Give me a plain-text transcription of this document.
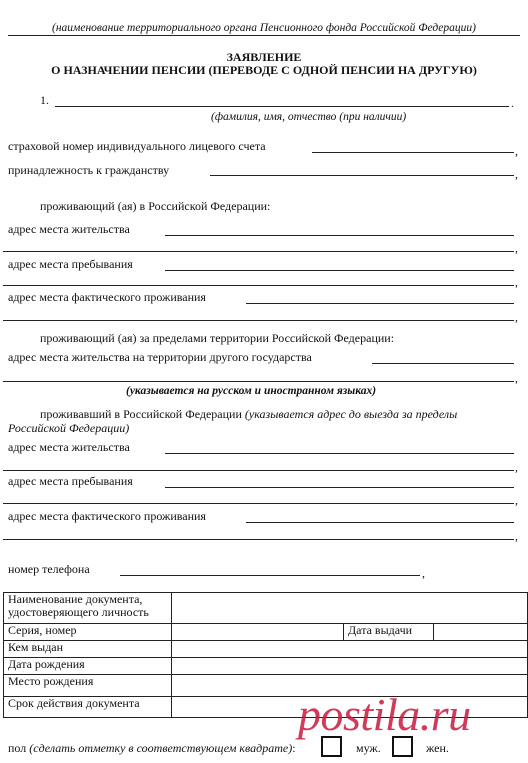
(наименование территориального органа Пенсионного фонда Российской Федерации)
ЗАЯВЛЕНИЕ
О НАЗНАЧЕНИИ ПЕНСИИ (ПЕРЕВОДЕ С ОДНОЙ ПЕНСИИ НА ДРУГУЮ)
1.	.
(фамилия, имя, отчество (при наличии)
страховой номер индивидуального лицевого счета	,
принадлежность к гражданству	,
проживающий (ая) в Российской Федерации:
адрес места жительства
,
адрес места пребывания
,
адрес места фактического проживания
,
проживающий (ая) за пределами территории Российской Федерации:
адрес места жительства на территории другого государства
,
(указывается на русском и иностранном языках)
проживавший в Российской Федерации (указывается адрес до выезда за пределы
Российской Федерации)
адрес места жительства
,
адрес места пребывания
,
адрес места фактического проживания
,
номер телефона	,
Наименование документа,
удостоверяющего личность			

Серия, номер		Дата выдачи	
Кем выдан			
Дата рождения			
Место рождения			
Срок действия документа			
пол (сделать отметку в соответствующем квадрате):	муж.	жен.
postila.ru
